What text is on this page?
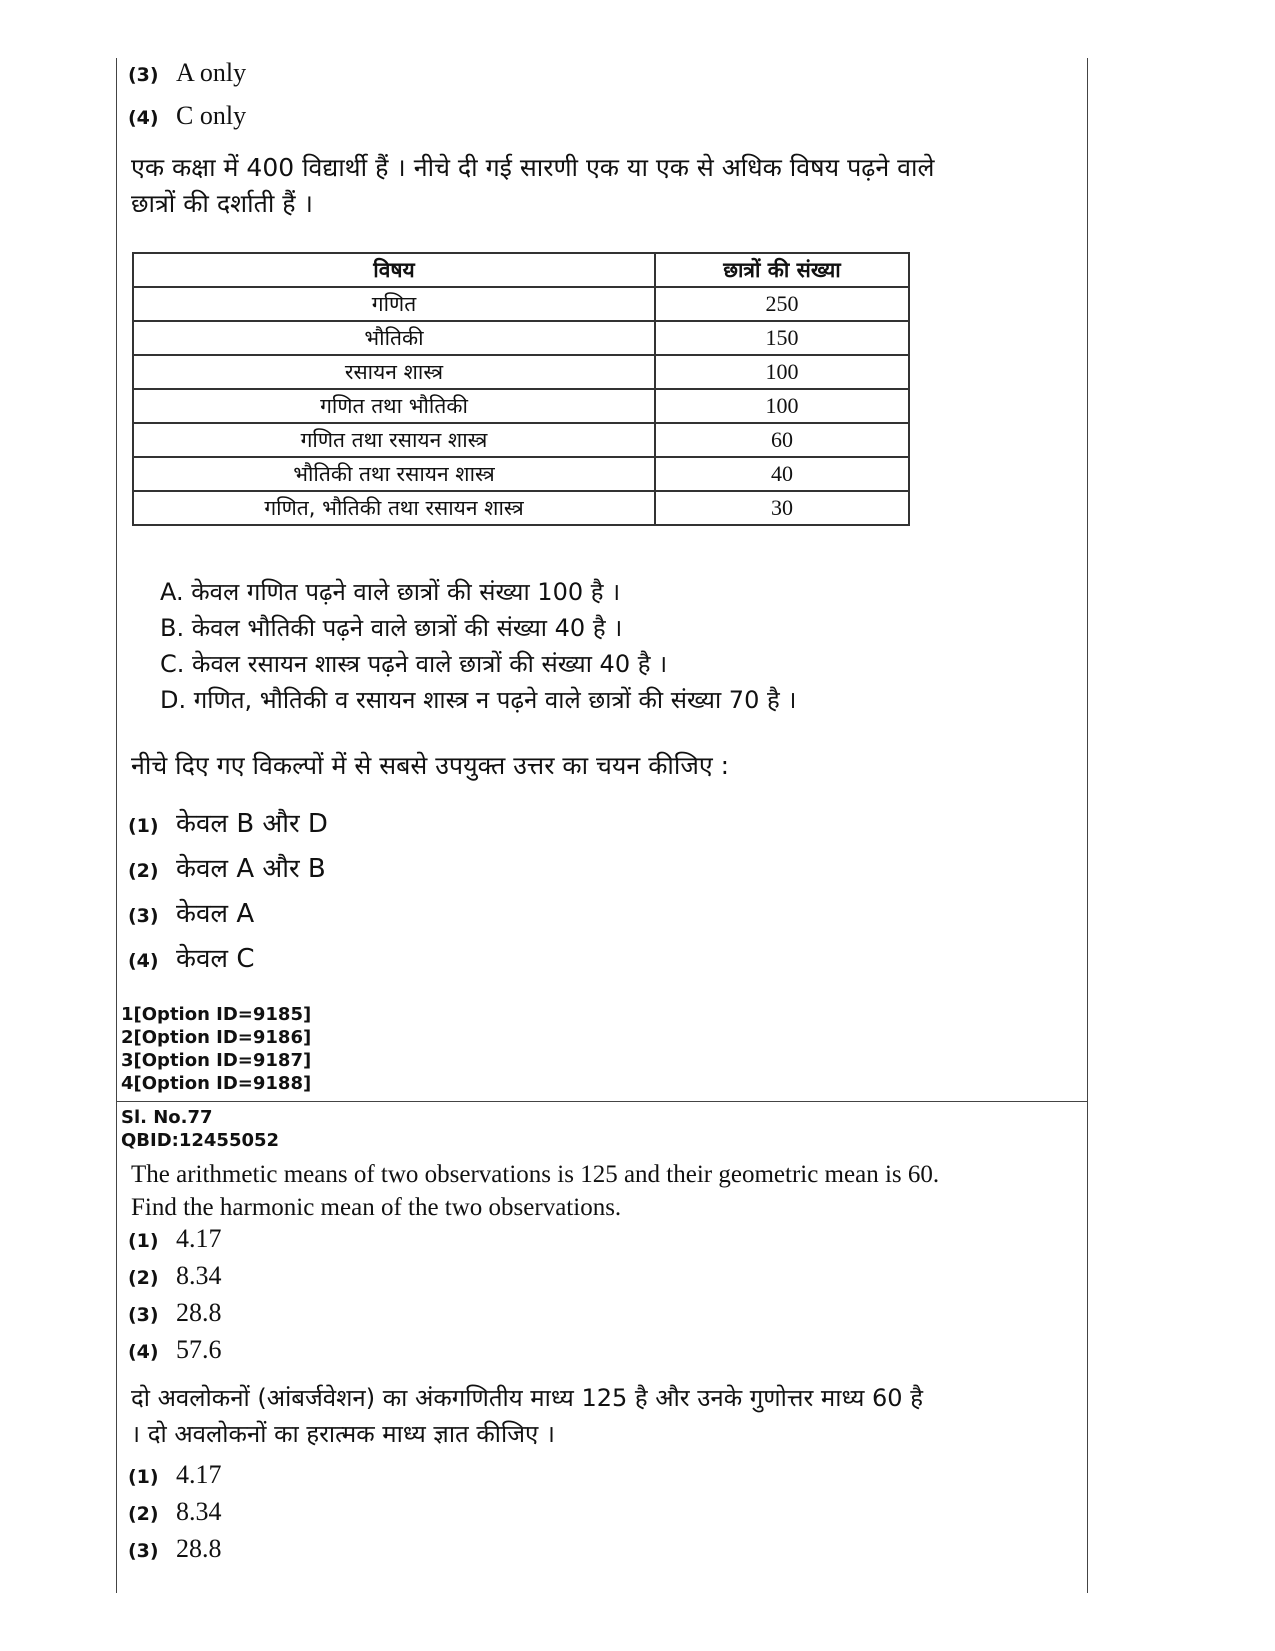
(3) A only
(4) C only
एक कक्षा में 400 विद्यार्थी हैं । नीचे दी गई सारणी एक या एक से अधिक विषय पढ़ने वाले
छात्रों की दर्शाती हैं ।
विषय	छात्रों की संख्या
गणित	250
भौतिकी	150
रसायन शास्त्र	100
गणित तथा भौतिकी	100
गणित तथा रसायन शास्त्र	60
भौतिकी तथा रसायन शास्त्र	40
गणित, भौतिकी तथा रसायन शास्त्र	30
A. केवल गणित पढ़ने वाले छात्रों की संख्या 100 है ।
B. केवल भौतिकी पढ़ने वाले छात्रों की संख्या 40 है ।
C. केवल रसायन शास्त्र पढ़ने वाले छात्रों की संख्या 40 है ।
D. गणित, भौतिकी व रसायन शास्त्र न पढ़ने वाले छात्रों की संख्या 70 है ।
नीचे दिए गए विकल्पों में से सबसे उपयुक्त उत्तर का चयन कीजिए :
(1) केवल B और D
(2) केवल A और B
(3) केवल A
(4) केवल C
1[Option ID=9185]
2[Option ID=9186]
3[Option ID=9187]
4[Option ID=9188]
Sl. No.77
QBID:12455052
The arithmetic means of two observations is 125 and their geometric mean is 60.
Find the harmonic mean of the two observations.
(1) 4.17
(2) 8.34
(3) 28.8
(4) 57.6
दो अवलोकनों (आंबर्जवेशन) का अंकगणितीय माध्य 125 है और उनके गुणोत्तर माध्य 60 है
। दो अवलोकनों का हरात्मक माध्य ज्ञात कीजिए ।
(1) 4.17
(2) 8.34
(3) 28.8
